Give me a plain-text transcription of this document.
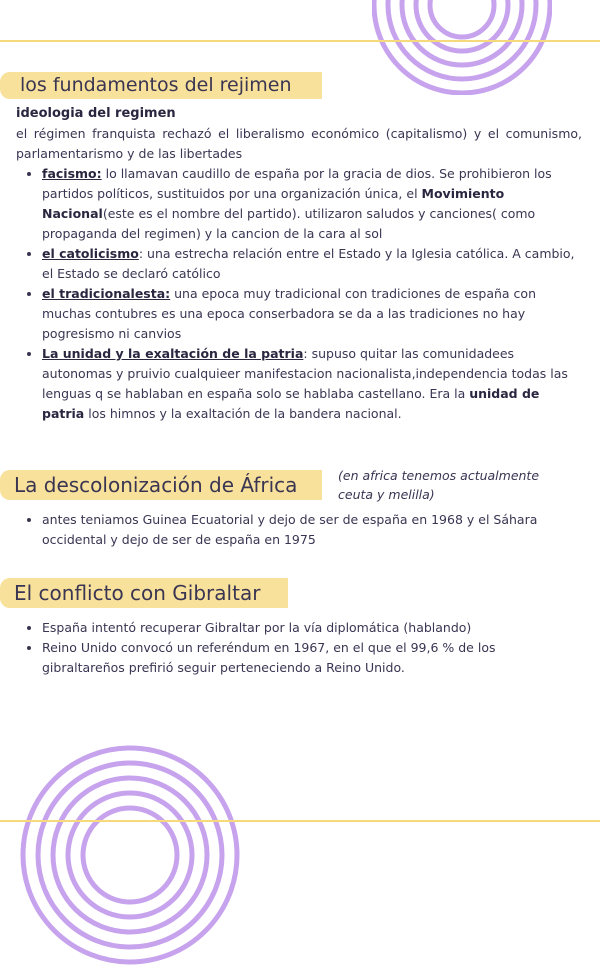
los fundamentos del rejimen
ideologia del regimen
el régimen franquista rechazó el liberalismo económico (capitalismo) y el comunismo, parlamentarismo y de las libertades
• facismo: lo llamavan caudillo de españa por la gracia de dios. Se prohibieron los partidos políticos, sustituidos por una organización única, el Movimiento Nacional(este es el nombre del partido). utilizaron saludos y canciones( como propaganda del regimen) y la cancion de la cara al sol
• el catolicismo: una estrecha relación entre el Estado y la Iglesia católica. A cambio, el Estado se declaró católico
• el tradicionalesta: una epoca muy tradicional con tradiciones de españa con muchas contubres es una epoca conserbadora se da a las tradiciones no hay pogresismo ni canvios
• La unidad y la exaltación de la patria: supuso quitar las comunidadees autonomas y pruivio cualquieer manifestacion nacionalista,independencia todas las lenguas q se hablaban en españa solo se hablaba castellano. Era la unidad de patria los himnos y la exaltación de la bandera nacional.
La descolonización de África	(en africa tenemos actualmente ceuta y melilla)
• antes teniamos Guinea Ecuatorial y dejo de ser de españa en 1968 y el Sáhara occidental y dejo de ser de españa en 1975
El conflicto con Gibraltar
• España intentó recuperar Gibraltar por la vía diplomática (hablando)
• Reino Unido convocó un referéndum en 1967, en el que el 99,6 % de los gibraltareños prefirió seguir perteneciendo a Reino Unido.
